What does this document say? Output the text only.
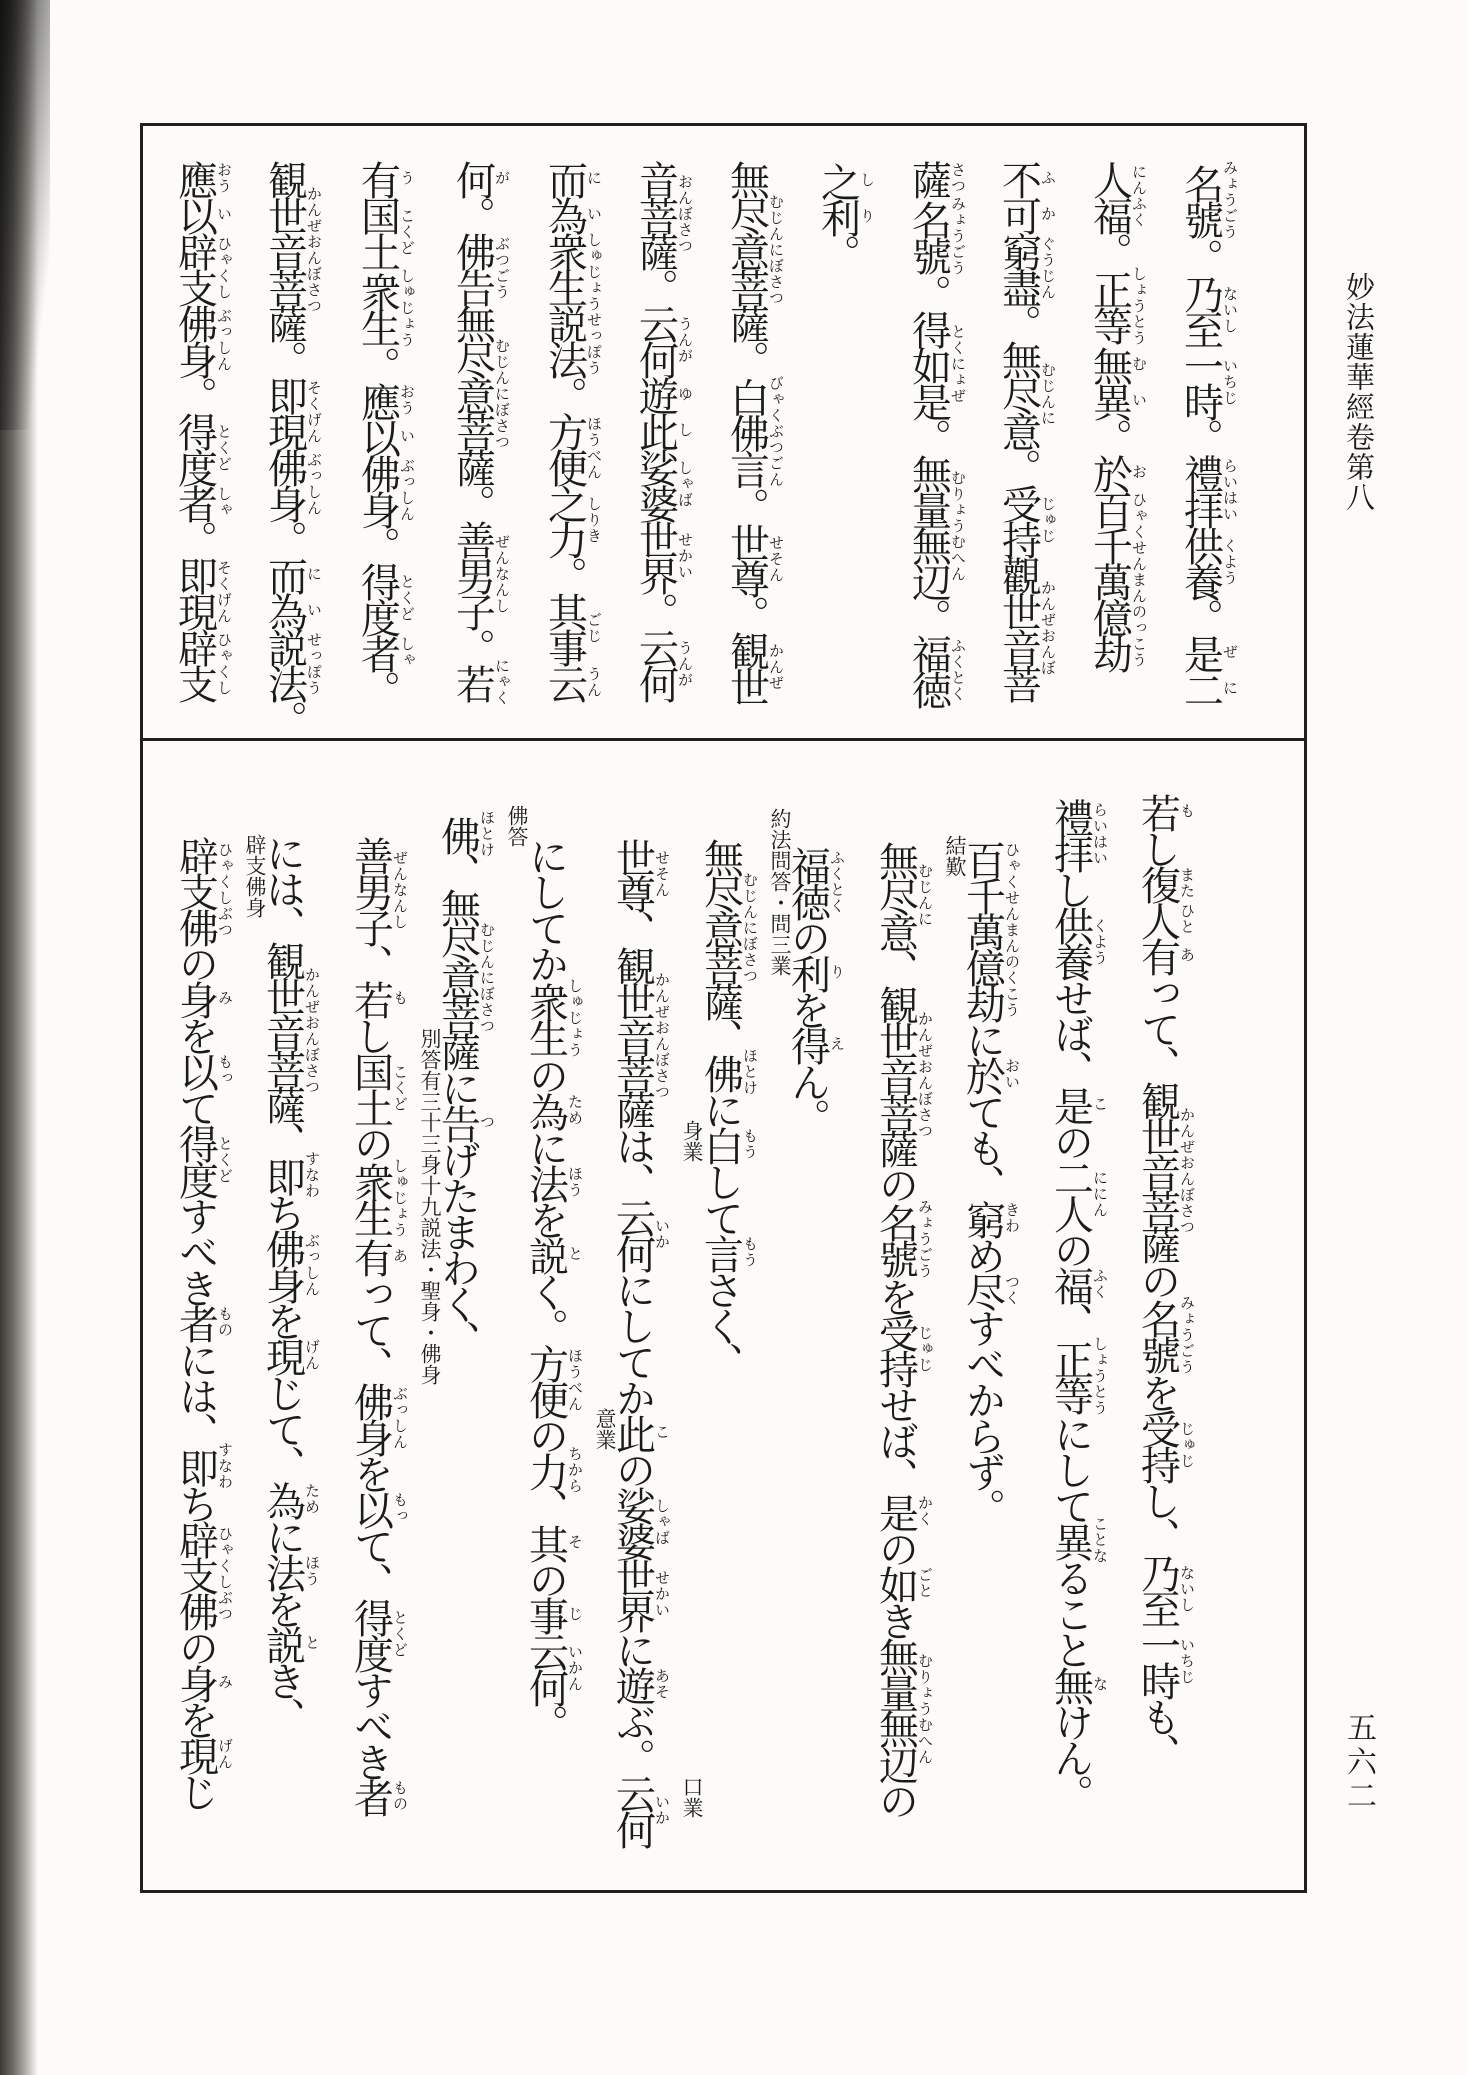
妙法蓮華經卷第八
五六二
名號みょうごう。乃至ないし一時いちじ。禮拝らいはい供養くよう。是ぜ二に
人福にんふく。正等しょうとう無む異い。於お百千萬億劫ひゃくせんまんのっこう
不ふ可か窮盡ぐうじん。無尽意むじんに。受持じゅじ觀世音菩かんぜおんぼ
薩さつ名號みょうごう。得如是とくにょぜ。無量無辺むりょうむへん。福徳ふくとく
之し利り。
無尽意菩薩むじんにぼさつ。白佛言びゃくぶつごん。世尊せそん。観世かんぜ
音菩薩おんぼさつ。云何うんが遊ゆ此し娑婆しゃば世界せかい。云何うんが
而に為い衆生説法しゅじょうせっぽう。方便ほうべん之力しりき。其事ごじ云うん
何が。佛告ぶつごう無尽意菩薩むじんにぼさつ。善男子ぜんなんし。若にゃく
有う国土こくど衆生しゅじょう。應おう以い佛身ぶっしん。得度とくど者しゃ。
観世音菩薩かんぜおんぼさつ。即現そくげん佛身ぶっしん。而に為い説法せっぽう。
應おう以い辟支ひゃくし佛身ぶっしん。得度とくど者しゃ。即現そくげん辟支ひゃくし
若もし復また人ひと有あって、観世音菩薩かんぜおんぼさつの名號みょうごうを受持じゅじし、乃至ないし一時いちじも、
禮拝らいはいし供養くようせば、是この二人ににんの福ふく、正等しょうとうにして異ことなること無なけん。
百千萬億劫ひゃくせんまんのくこうに於おいても、窮きわめ尽つくすべからず。
結歎
無尽意むじんに、観世音菩薩かんぜおんぼさつの名號みょうごうを受持じゅじせば、是かくの如ごとき無量無辺むりょうむへんの
福徳ふくとくの利りを得えん。
約法問答・問三業
無尽意菩薩むじんにぼさつ、佛ほとけに白もうして言もうさく、
身業
口業
世尊せそん、観世音菩薩かんぜおんぼさつは、云何いかにしてか此この娑婆しゃば世界せかいに遊あそぶ。云何いか
意業
にしてか衆生しゅじょうの為ために法ほうを説とく。方便ほうべんの力ちから、其その事じ云何いかん。
佛答
佛ほとけ、無尽意菩薩むじんにぼさつに告つげたまわく、
別答有三十三身十九説法・聖身・佛身
善男子ぜんなんし、若もし国土こくどの衆生しゅじょう有あって、佛身ぶっしんを以もって、得度とくどすべき者もの
には、観世音菩薩かんぜおんぼさつ、即すなわち佛身ぶっしんを現げんじて、為ために法ほうを説とき、
辟支佛身
辟支佛ひゃくしぶつの身みを以もって得度とくどすべき者ものには、即すなわち辟支佛ひゃくしぶつの身みを現げんじ
